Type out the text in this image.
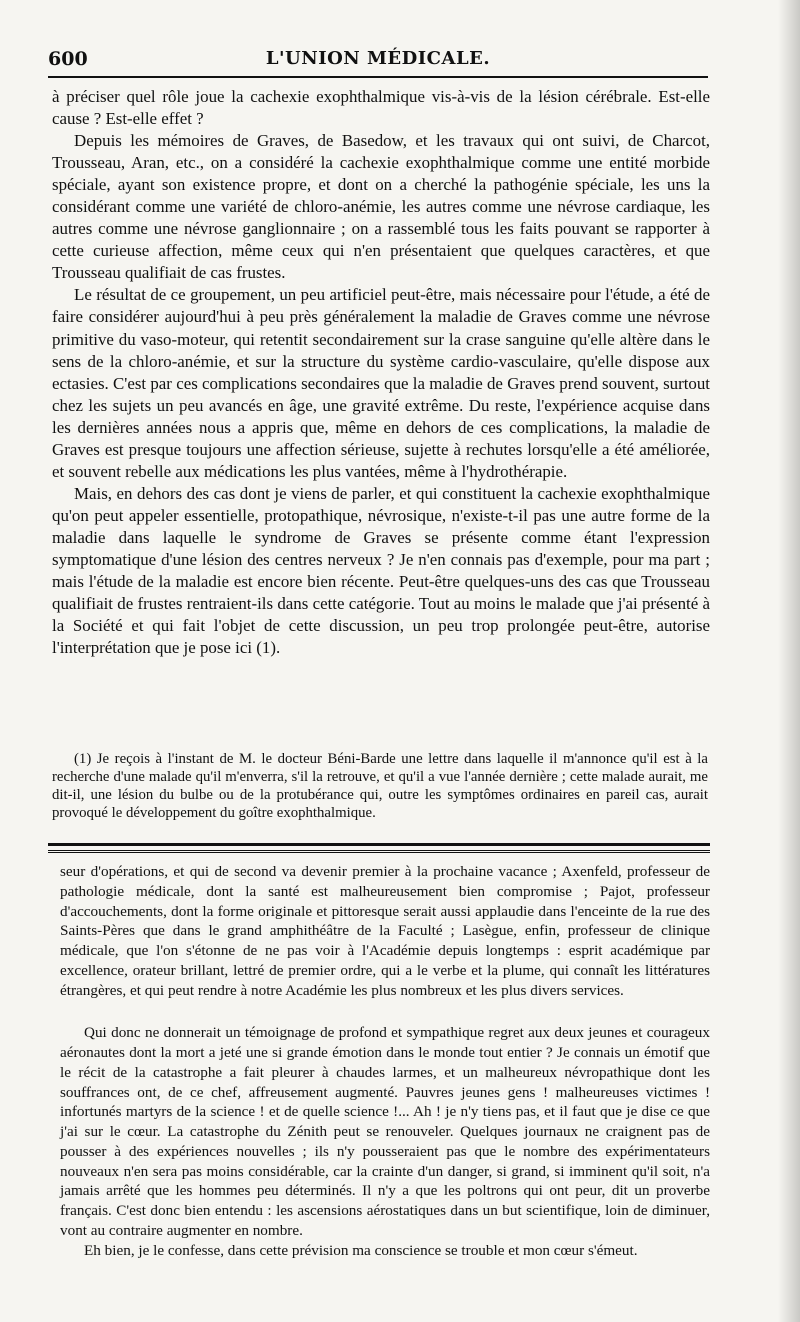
600	L'UNION MÉDICALE.

à préciser quel rôle joue la cachexie exophthalmique vis-à-vis de la lésion cérébrale. Est-elle cause ? Est-elle effet ?

Depuis les mémoires de Graves, de Basedow, et les travaux qui ont suivi, de Charcot, Trousseau, Aran, etc., on a considéré la cachexie exophthalmique comme une entité morbide spéciale, ayant son existence propre, et dont on a cherché la pathogénie spéciale, les uns la considérant comme une variété de chloro-anémie, les autres comme une névrose cardiaque, les autres comme une névrose ganglionnaire ; on a rassemblé tous les faits pouvant se rapporter à cette curieuse affection, même ceux qui n'en présentaient que quelques caractères, et que Trousseau qualifiait de cas frustes.

Le résultat de ce groupement, un peu artificiel peut-être, mais nécessaire pour l'étude, a été de faire considérer aujourd'hui à peu près généralement la maladie de Graves comme une névrose primitive du vaso-moteur, qui retentit secondairement sur la crase sanguine qu'elle altère dans le sens de la chloro-anémie, et sur la structure du système cardio-vasculaire, qu'elle dispose aux ectasies. C'est par ces complications secondaires que la maladie de Graves prend souvent, surtout chez les sujets un peu avancés en âge, une gravité extrême. Du reste, l'expérience acquise dans les dernières années nous a appris que, même en dehors de ces complications, la maladie de Graves est presque toujours une affection sérieuse, sujette à rechutes lorsqu'elle a été améliorée, et souvent rebelle aux médications les plus vantées, même à l'hydrothérapie.

Mais, en dehors des cas dont je viens de parler, et qui constituent la cachexie exophthalmique qu'on peut appeler essentielle, protopathique, névrosique, n'existe-t-il pas une autre forme de la maladie dans laquelle le syndrome de Graves se présente comme étant l'expression symptomatique d'une lésion des centres nerveux ? Je n'en connais pas d'exemple, pour ma part ; mais l'étude de la maladie est encore bien récente. Peut-être quelques-uns des cas que Trousseau qualifiait de frustes rentraient-ils dans cette catégorie. Tout au moins le malade que j'ai présenté à la Société et qui fait l'objet de cette discussion, un peu trop prolongée peut-être, autorise l'interprétation que je pose ici (1).

(1) Je reçois à l'instant de M. le docteur Béni-Barde une lettre dans laquelle il m'annonce qu'il est à la recherche d'une malade qu'il m'enverra, s'il la retrouve, et qu'il a vue l'année dernière ; cette malade aurait, me dit-il, une lésion du bulbe ou de la protubérance qui, outre les symptômes ordinaires en pareil cas, aurait provoqué le développement du goître exophthalmique.

seur d'opérations, et qui de second va devenir premier à la prochaine vacance ; Axenfeld, professeur de pathologie médicale, dont la santé est malheureusement bien compromise ; Pajot, professeur d'accouchements, dont la forme originale et pittoresque serait aussi applaudie dans l'enceinte de la rue des Saints-Pères que dans le grand amphithéâtre de la Faculté ; Lasègue, enfin, professeur de clinique médicale, que l'on s'étonne de ne pas voir à l'Académie depuis longtemps : esprit académique par excellence, orateur brillant, lettré de premier ordre, qui a le verbe et la plume, qui connaît les littératures étrangères, et qui peut rendre à notre Académie les plus nombreux et les plus divers services.

Qui donc ne donnerait un témoignage de profond et sympathique regret aux deux jeunes et courageux aéronautes dont la mort a jeté une si grande émotion dans le monde tout entier ? Je connais un émotif que le récit de la catastrophe a fait pleurer à chaudes larmes, et un malheureux névropathique dont les souffrances ont, de ce chef, affreusement augmenté. Pauvres jeunes gens ! malheureuses victimes ! infortunés martyrs de la science ! et de quelle science !... Ah ! je n'y tiens pas, et il faut que je dise ce que j'ai sur le cœur. La catastrophe du Zénith peut se renouveler. Quelques journaux ne craignent pas de pousser à des expériences nouvelles ; ils n'y pousseraient pas que le nombre des expérimentateurs nouveaux n'en sera pas moins considérable, car la crainte d'un danger, si grand, si imminent qu'il soit, n'a jamais arrêté que les hommes peu déterminés. Il n'y a que les poltrons qui ont peur, dit un proverbe français. C'est donc bien entendu : les ascensions aérostatiques dans un but scientifique, loin de diminuer, vont au contraire augmenter en nombre.

Eh bien, je le confesse, dans cette prévision ma conscience se trouble et mon cœur s'émeut.
